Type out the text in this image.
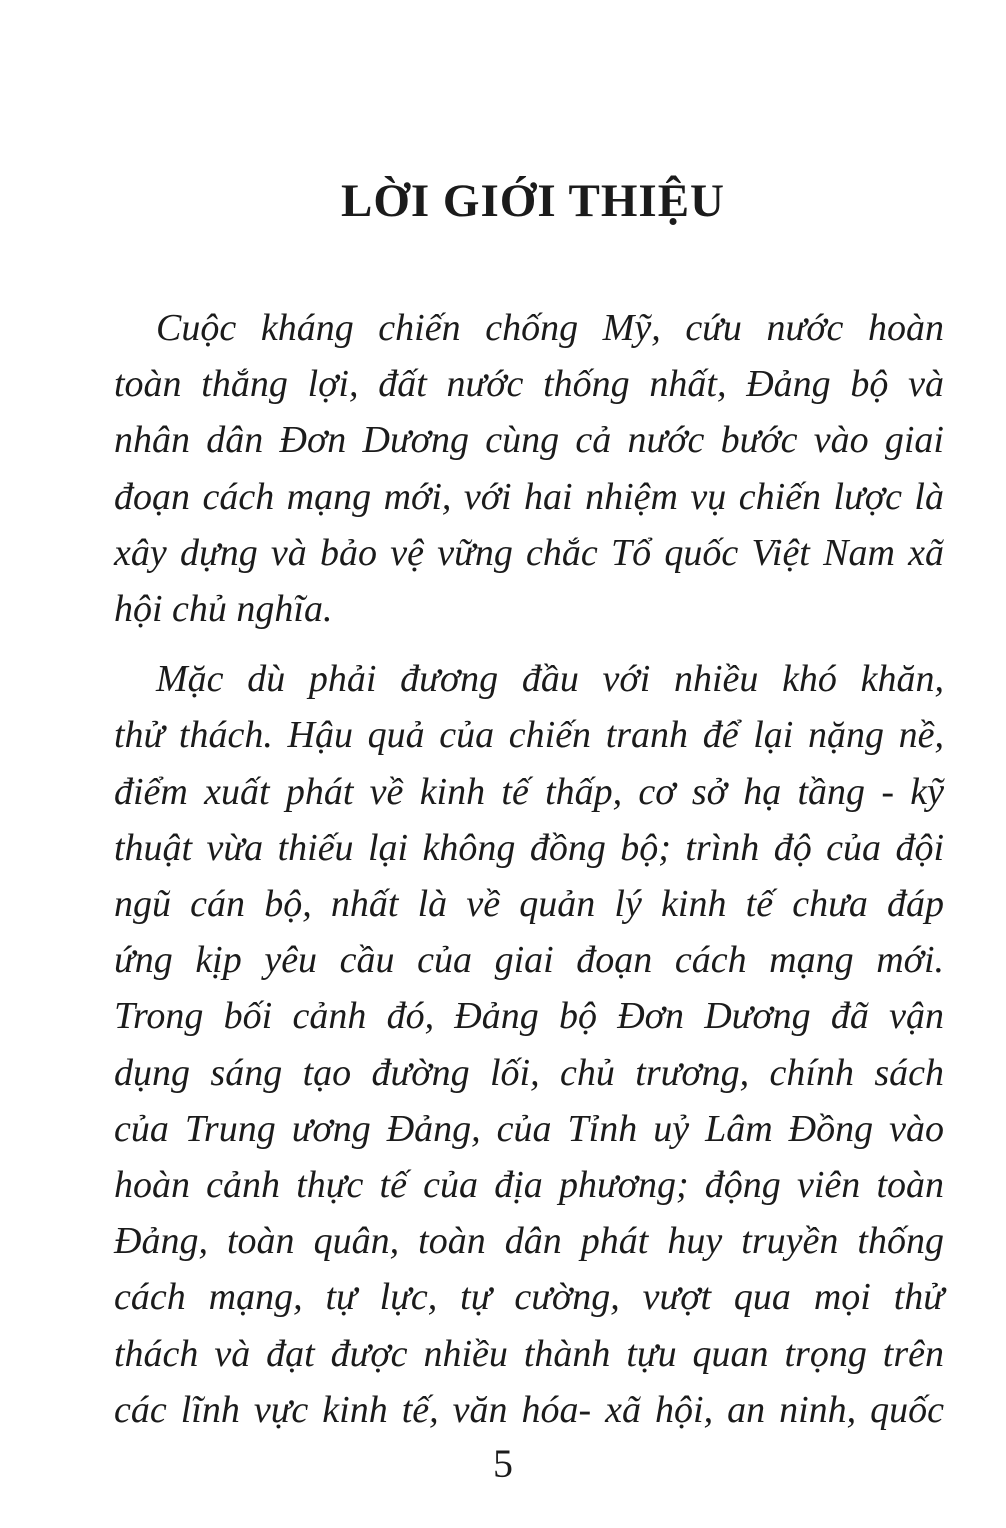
LỜI GIỚI THIỆU

Cuộc kháng chiến chống Mỹ, cứu nước hoàn
toàn thắng lợi, đất nước thống nhất, Đảng bộ và
nhân dân Đơn Dương cùng cả nước bước vào giai
đoạn cách mạng mới, với hai nhiệm vụ chiến lược là
xây dựng và bảo vệ vững chắc Tổ quốc Việt Nam xã
hội chủ nghĩa.

Mặc dù phải đương đầu với nhiều khó khăn,
thử thách. Hậu quả của chiến tranh để lại nặng nề,
điểm xuất phát về kinh tế thấp, cơ sở hạ tầng - kỹ
thuật vừa thiếu lại không đồng bộ; trình độ của đội
ngũ cán bộ, nhất là về quản lý kinh tế chưa đáp
ứng kịp yêu cầu của giai đoạn cách mạng mới.
Trong bối cảnh đó, Đảng bộ Đơn Dương đã vận
dụng sáng tạo đường lối, chủ trương, chính sách
của Trung ương Đảng, của Tỉnh uỷ Lâm Đồng vào
hoàn cảnh thực tế của địa phương; động viên toàn
Đảng, toàn quân, toàn dân phát huy truyền thống
cách mạng, tự lực, tự cường, vượt qua mọi thử
thách và đạt được nhiều thành tựu quan trọng trên
các lĩnh vực kinh tế, văn hóa- xã hội, an ninh, quốc

5
